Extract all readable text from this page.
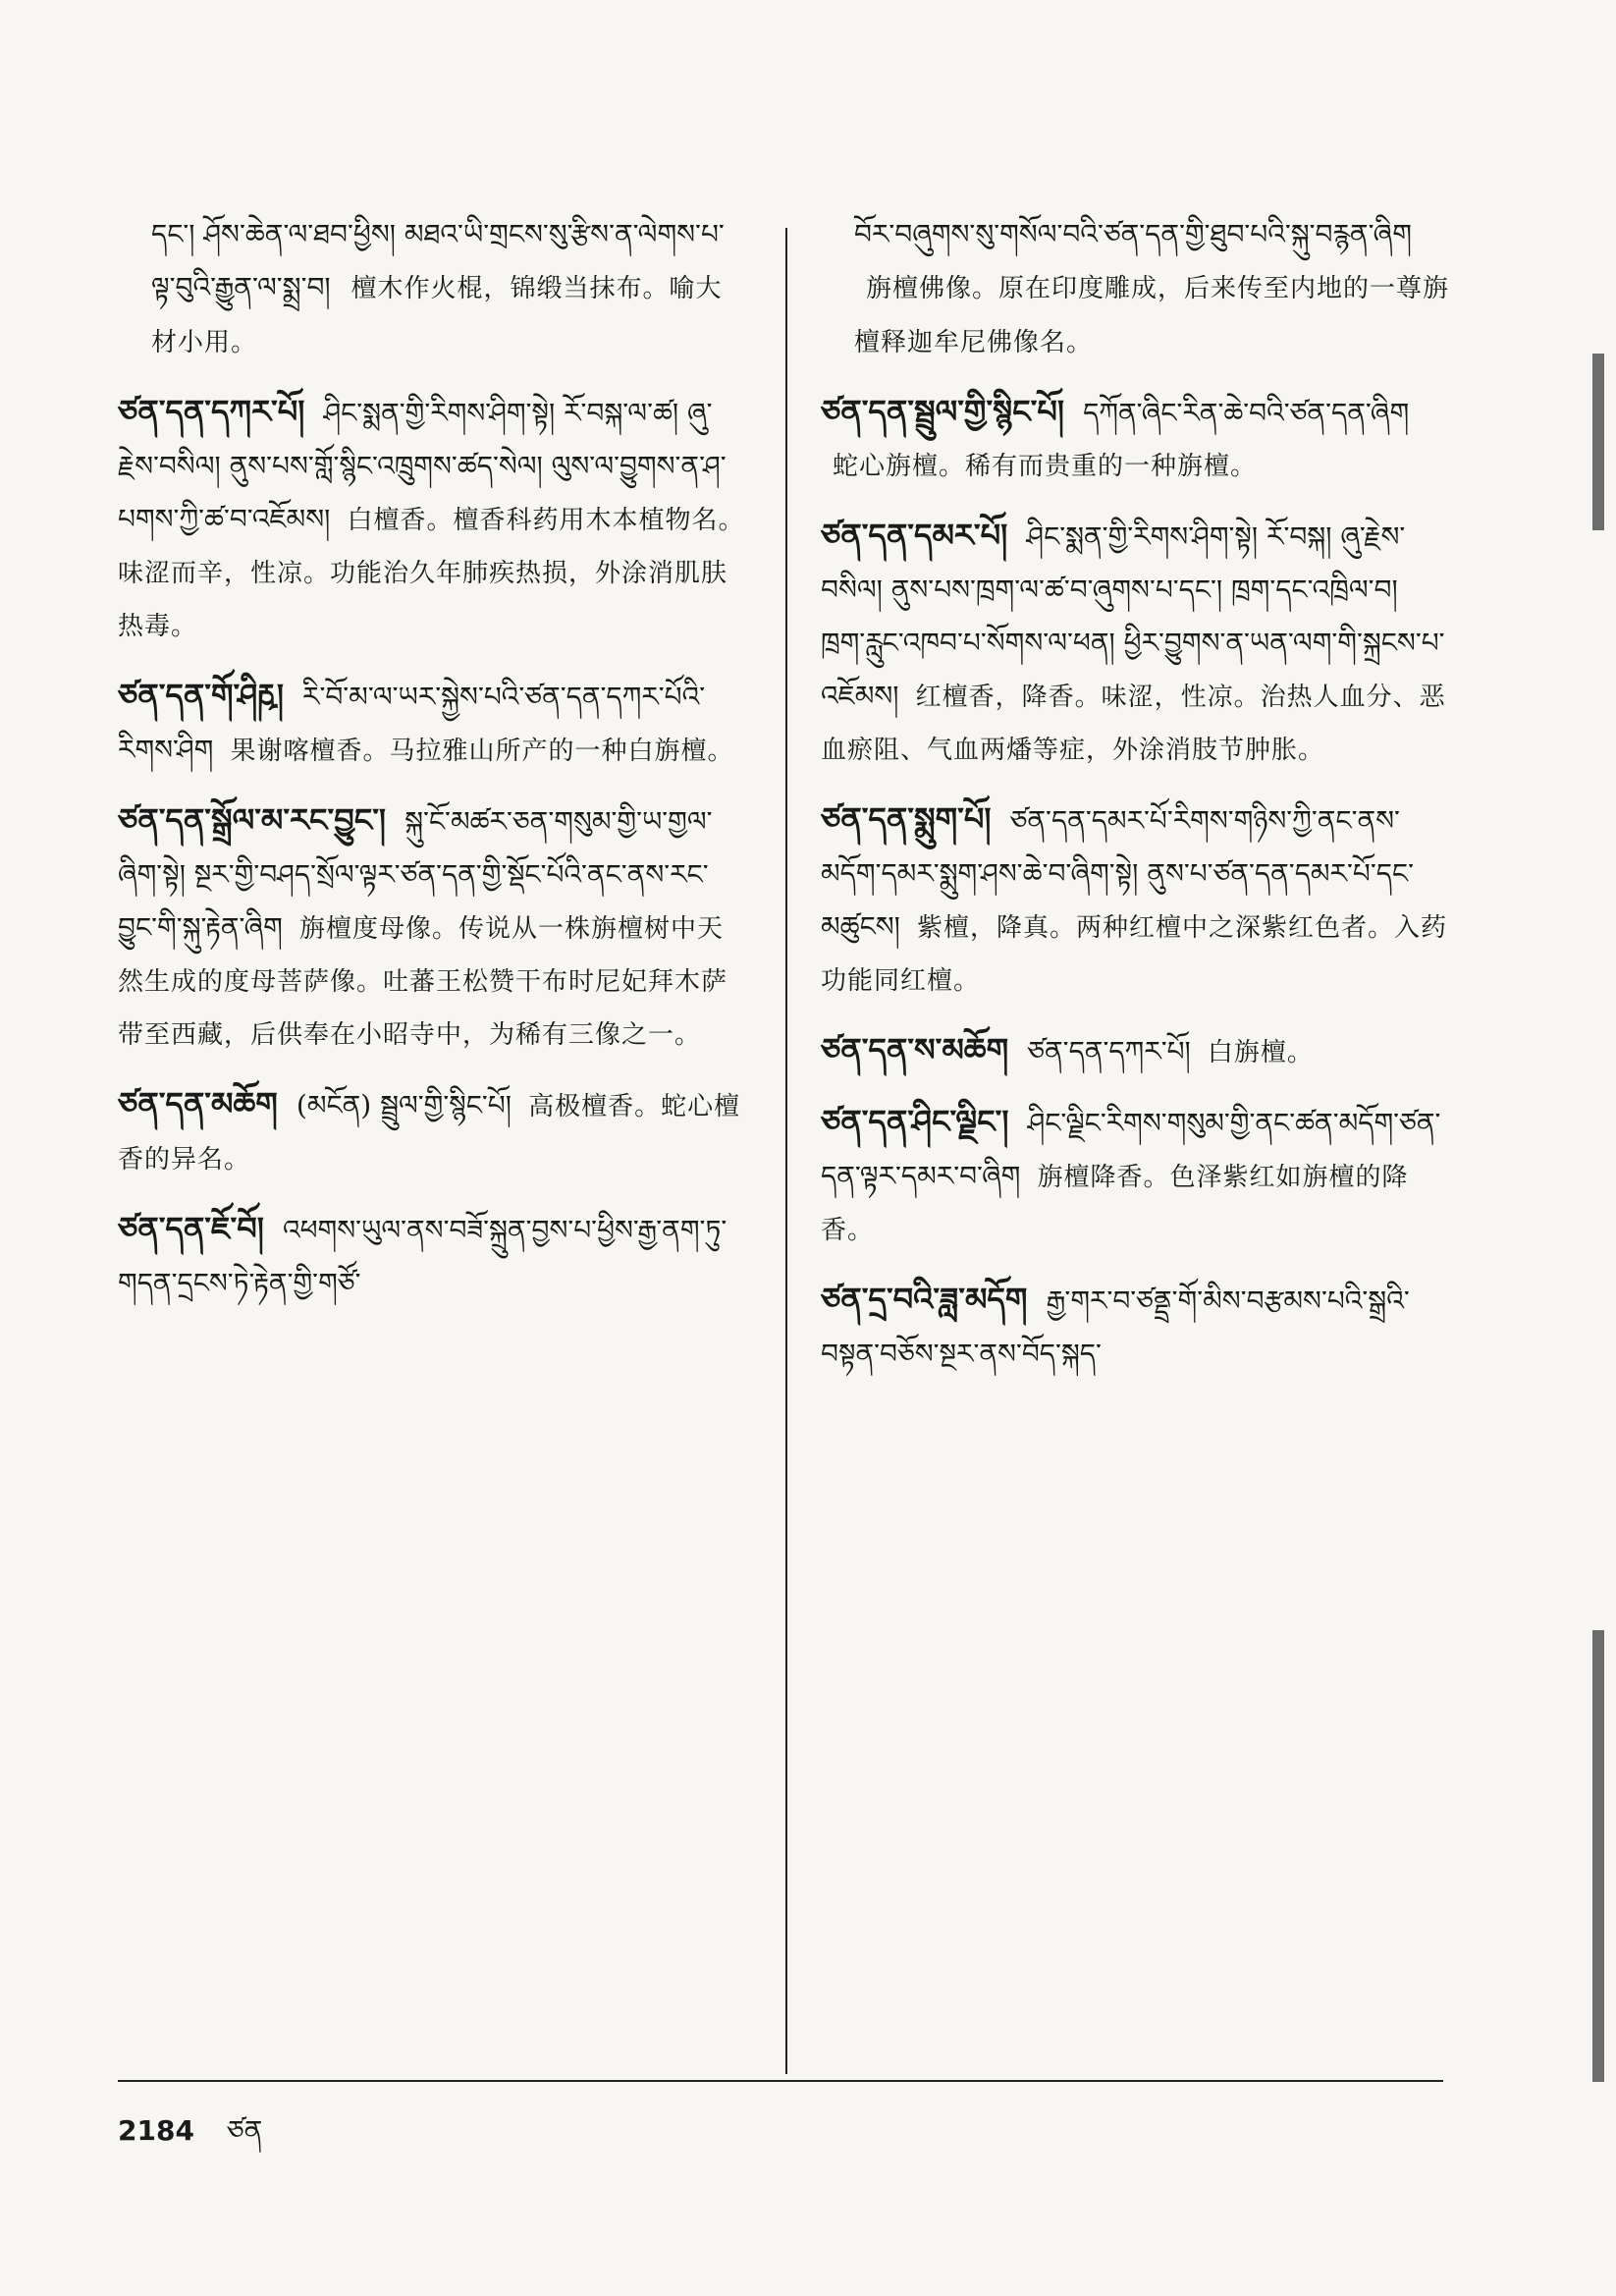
དང་། ཤོས་ཆེན་ལ་ཐབ་ཕྱིས། མཐའ་ཡི་གྲངས་སུ་རྩིས་ན་ལེགས་པ་ལྟ་བུའི་རྒྱུན་ལ་སྨྲ་བ། 檀木作火棍，锦缎当抹布。喻大材小用。
ཙན་དན་དཀར་པོ། ཤིང་སྨན་གྱི་རིགས་ཤིག་སྟེ། རོ་བསྐ་ལ་ཚ། ཞུ་རྗེས་བསིལ། ནུས་པས་གློ་སྙིང་འཁྲུགས་ཚད་སེལ། ལུས་ལ་བྱུགས་ན་ཤ་པགས་ཀྱི་ཚ་བ་འཇོམས། 白檀香。檀香科药用木本植物名。味涩而辛，性凉。功能治久年肺疾热损，外涂消肌肤热毒。
ཙན་དན་གོ་ཤིརྵ། རི་བོ་མ་ལ་ཡར་སྐྱེས་པའི་ཙན་དན་དཀར་པོའི་རིགས་ཤིག 果谢喀檀香。马拉雅山所产的一种白旃檀。
ཙན་དན་སྒྲོལ་མ་རང་བྱུང་། སྐུ་ངོ་མཚར་ཅན་གསུམ་གྱི་ཡ་གྱལ་ཞིག་སྟེ། སྔར་གྱི་བཤད་སྲོལ་ལྟར་ཙན་དན་གྱི་སྡོང་པོའི་ནང་ནས་རང་བྱུང་གི་སྐུ་རྟེན་ཞིག 旃檀度母像。传说从一株旃檀树中天然生成的度母菩萨像。吐蕃王松赞干布时尼妃拜木萨带至西藏，后供奉在小昭寺中，为稀有三像之一。
ཙན་དན་མཆོག (མངོན) སྦྲུལ་གྱི་སྙིང་པོ། 高极檀香。蛇心檀香的异名。
ཙན་དན་ཇོ་བོ། འཕགས་ཡུལ་ནས་བཟོ་སྐྲུན་བྱས་པ་ཕྱིས་རྒྱ་ནག་ཏུ་གདན་དྲངས་ཏེ་རྟེན་གྱི་གཙོ་
བོར་བཞུགས་སུ་གསོལ་བའི་ཙན་དན་གྱི་ཐུབ་པའི་སྐུ་བརྙན་ཞིག 旃檀佛像。原在印度雕成，后来传至内地的一尊旃檀释迦牟尼佛像名。
ཙན་དན་སྦྲུལ་གྱི་སྙིང་པོ། དཀོན་ཞིང་རིན་ཆེ་བའི་ཙན་དན་ཞིག 蛇心旃檀。稀有而贵重的一种旃檀。
ཙན་དན་དམར་པོ། ཤིང་སྨན་གྱི་རིགས་ཤིག་སྟེ། རོ་བསྐ། ཞུ་རྗེས་བསིལ། ནུས་པས་ཁྲག་ལ་ཚ་བ་ཞུགས་པ་དང་། ཁྲག་དང་འཁྲིལ་བ། ཁྲག་རླུང་འཁབ་པ་སོགས་ལ་ཕན། ཕྱིར་བྱུགས་ན་ཡན་ལག་གི་སྐྲངས་པ་འཇོམས། 红檀香，降香。味涩，性凉。治热人血分、恶血瘀阻、气血两燔等症，外涂消肢节肿胀。
ཙན་དན་སྨུག་པོ། ཙན་དན་དམར་པོ་རིགས་གཉིས་ཀྱི་ནང་ནས་མདོག་དམར་སྨུག་ཤས་ཆེ་བ་ཞིག་སྟེ། ནུས་པ་ཙན་དན་དམར་པོ་དང་མཚུངས། 紫檀，降真。两种红檀中之深紫红色者。入药功能同红檀。
ཙན་དན་ས་མཆོག ཙན་དན་དཀར་པོ། 白旃檀。
ཙན་དན་ཤིང་ལྗིང་། ཤིང་ལྗིང་རིགས་གསུམ་གྱི་ནང་ཚན་མདོག་ཙན་དན་ལྟར་དམར་བ་ཞིག 旃檀降香。色泽紫红如旃檀的降香。
ཙན་དྲ་བའི་ཟླ་མདོག རྒྱ་གར་བ་ཙནྡྲ་གོ་མིས་བརྩམས་པའི་སྒྲའི་བསྟན་བཅོས་སྔར་ནས་བོད་སྐད་
2184 ཙན
